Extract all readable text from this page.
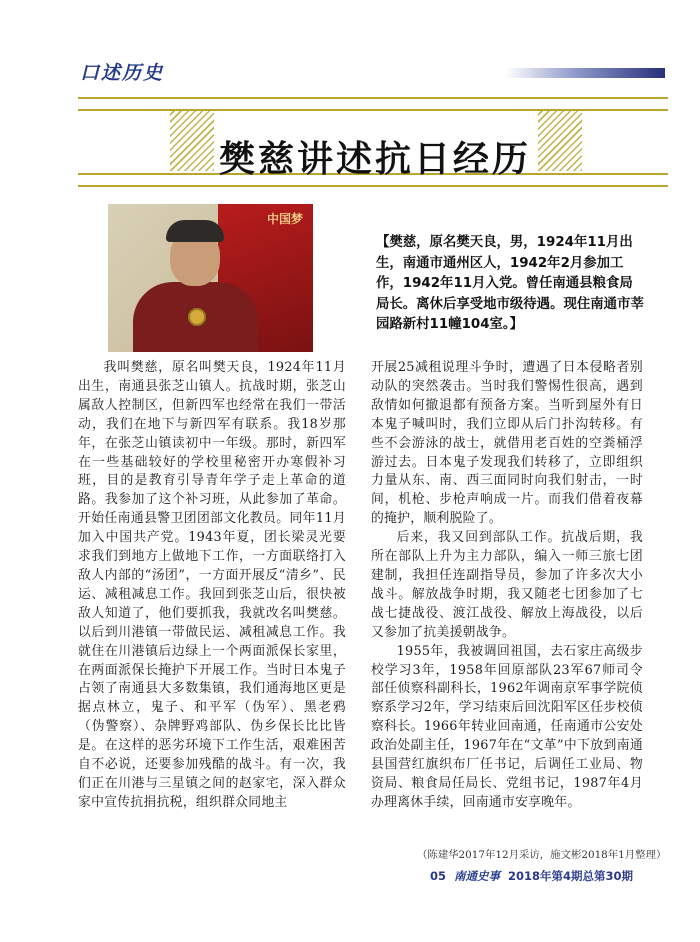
口述历史
樊慈讲述抗日经历
中国梦
【樊慈，原名樊天良，男，1924年11月出生，南通市通州区人，1942年2月参加工作，1942年11月入党。曾任南通县粮食局局长。离休后享受地市级待遇。现住南通市莘园路新村11幢104室。】

我叫樊慈，原名叫樊天良，1924年11月出生，南通县张芝山镇人。抗战时期，张芝山属敌人控制区，但新四军也经常在我们一带活动，我们在地下与新四军有联系。我18岁那年，在张芝山镇读初中一年级。那时，新四军在一些基础较好的学校里秘密开办寒假补习班，目的是教育引导青年学子走上革命的道路。我参加了这个补习班，从此参加了革命。开始任南通县警卫团团部文化教员。同年11月加入中国共产党。1943年夏，团长梁灵光要求我们到地方上做地下工作，一方面联络打入敌人内部的“汤团”，一方面开展反“清乡”、民运、减租减息工作。我回到张芝山后，很快被敌人知道了，他们要抓我，我就改名叫樊慈。以后到川港镇一带做民运、减租减息工作。我就住在川港镇后边绿上一个两面派保长家里，在两面派保长掩护下开展工作。当时日本鬼子占领了南通县大多数集镇，我们通海地区更是据点林立，鬼子、和平军（伪军）、黑老鸦（伪警察）、杂牌野鸡部队、伪乡保长比比皆是。在这样的恶劣环境下工作生活，艰难困苦自不必说，还要参加残酷的战斗。有一次，我们正在川港与三星镇之间的赵家宅，深入群众家中宣传抗捐抗税，组织群众同地主

开展25减租说理斗争时，遭遇了日本侵略者别动队的突然袭击。当时我们警惕性很高，遇到敌情如何撤退都有预备方案。当听到屋外有日本鬼子喊叫时，我们立即从后门扑沟转移。有些不会游泳的战士，就借用老百姓的空粪桶浮游过去。日本鬼子发现我们转移了，立即组织力量从东、南、西三面同时向我们射击，一时间，机枪、步枪声响成一片。而我们借着夜幕的掩护，顺利脱险了。

后来，我又回到部队工作。抗战后期，我所在部队上升为主力部队，编入一师三旅七团建制，我担任连副指导员，参加了许多次大小战斗。解放战争时期，我又随老七团参加了七战七捷战役、渡江战役、解放上海战役，以后又参加了抗美援朝战争。

1955年，我被调回祖国，去石家庄高级步校学习3年，1958年回原部队23军67师司令部任侦察科副科长，1962年调南京军事学院侦察系学习2年，学习结束后回沈阳军区任步校侦察科长。1966年转业回南通，任南通市公安处政治处副主任，1967年在“文革”中下放到南通县国营红旗织布厂任书记，后调任工业局、物资局、粮食局任局长、党组书记，1987年4月办理离休手续，回南通市安享晚年。

（陈建华2017年12月采访，施文彬2018年1月整理）
05 南通史事 2018年第4期总第30期
